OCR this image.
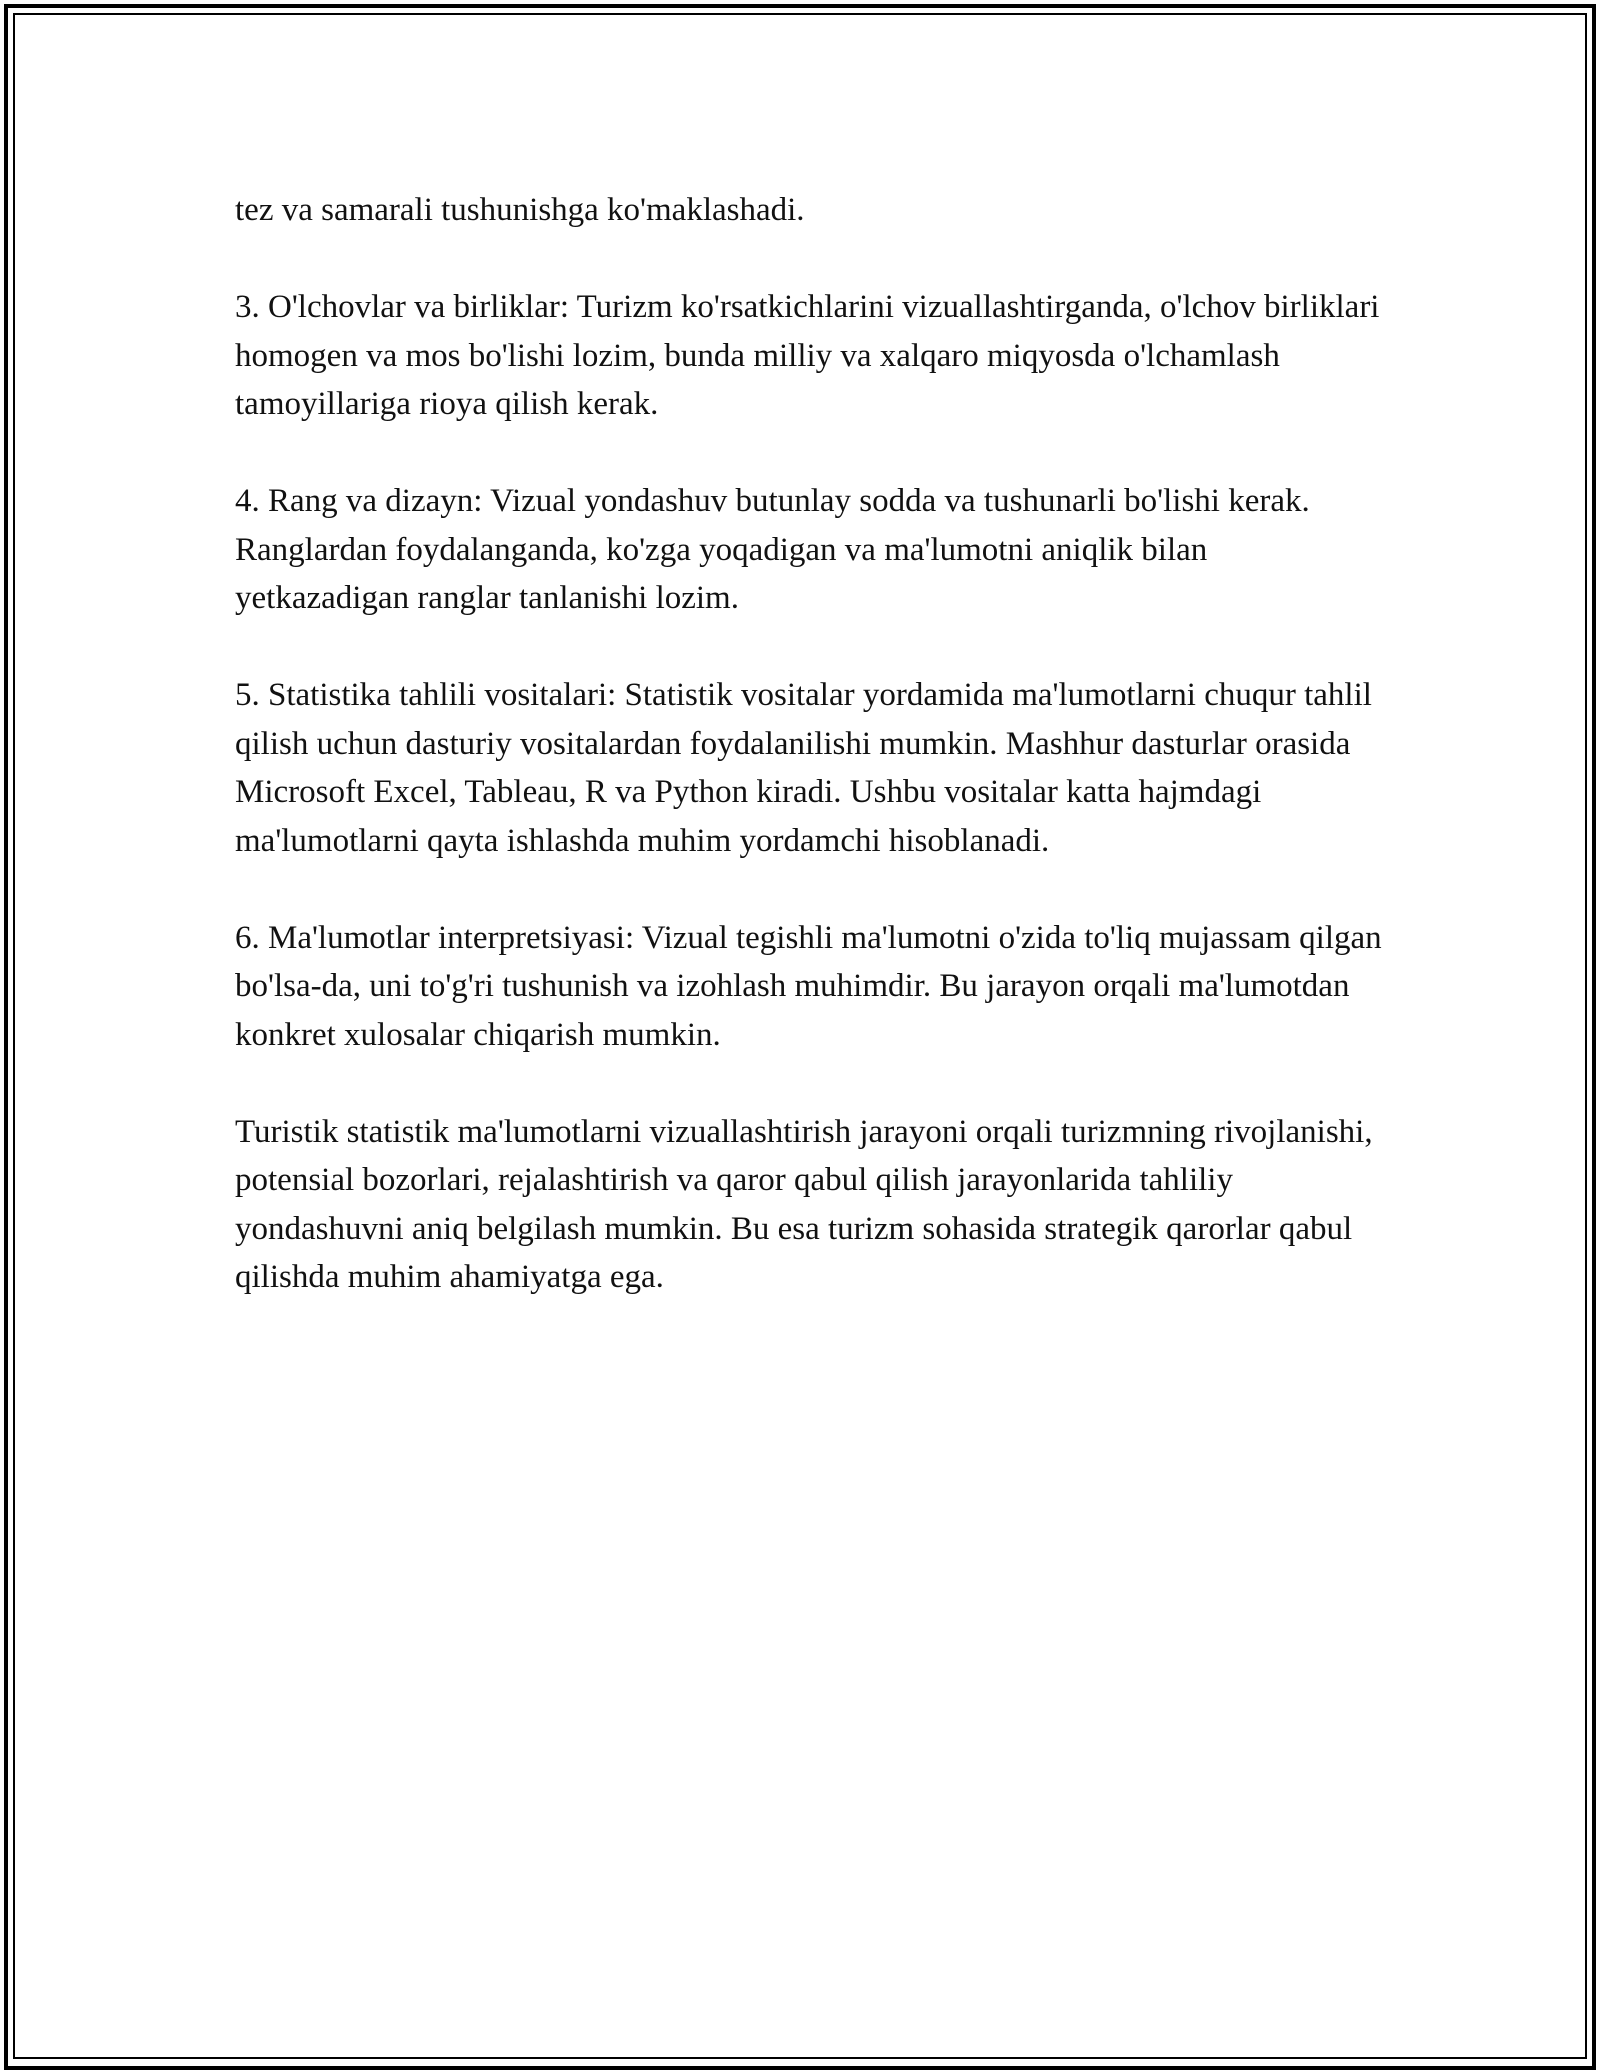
tez va samarali tushunishga ko'maklashadi.

3. O'lchovlar va birliklar: Turizm ko'rsatkichlarini vizuallashtirganda, o'lchov birliklari homogen va mos bo'lishi lozim, bunda milliy va xalqaro miqyosda o'lchamlash tamoyillariga rioya qilish kerak.

4. Rang va dizayn: Vizual yondashuv butunlay sodda va tushunarli bo'lishi kerak. Ranglardan foydalanganda, ko'zga yoqadigan va ma'lumotni aniqlik bilan yetkazadigan ranglar tanlanishi lozim.

5. Statistika tahlili vositalari: Statistik vositalar yordamida ma'lumotlarni chuqur tahlil qilish uchun dasturiy vositalardan foydalanilishi mumkin. Mashhur dasturlar orasida Microsoft Excel, Tableau, R va Python kiradi. Ushbu vositalar katta hajmdagi ma'lumotlarni qayta ishlashda muhim yordamchi hisoblanadi.

6. Ma'lumotlar interpretsiyasi: Vizual tegishli ma'lumotni o'zida to'liq mujassam qilgan bo'lsa-da, uni to'g'ri tushunish va izohlash muhimdir. Bu jarayon orqali ma'lumotdan konkret xulosalar chiqarish mumkin.

Turistik statistik ma'lumotlarni vizuallashtirish jarayoni orqali turizmning rivojlanishi, potensial bozorlari, rejalashtirish va qaror qabul qilish jarayonlarida tahliliy yondashuvni aniq belgilash mumkin. Bu esa turizm sohasida strategik qarorlar qabul qilishda muhim ahamiyatga ega.
